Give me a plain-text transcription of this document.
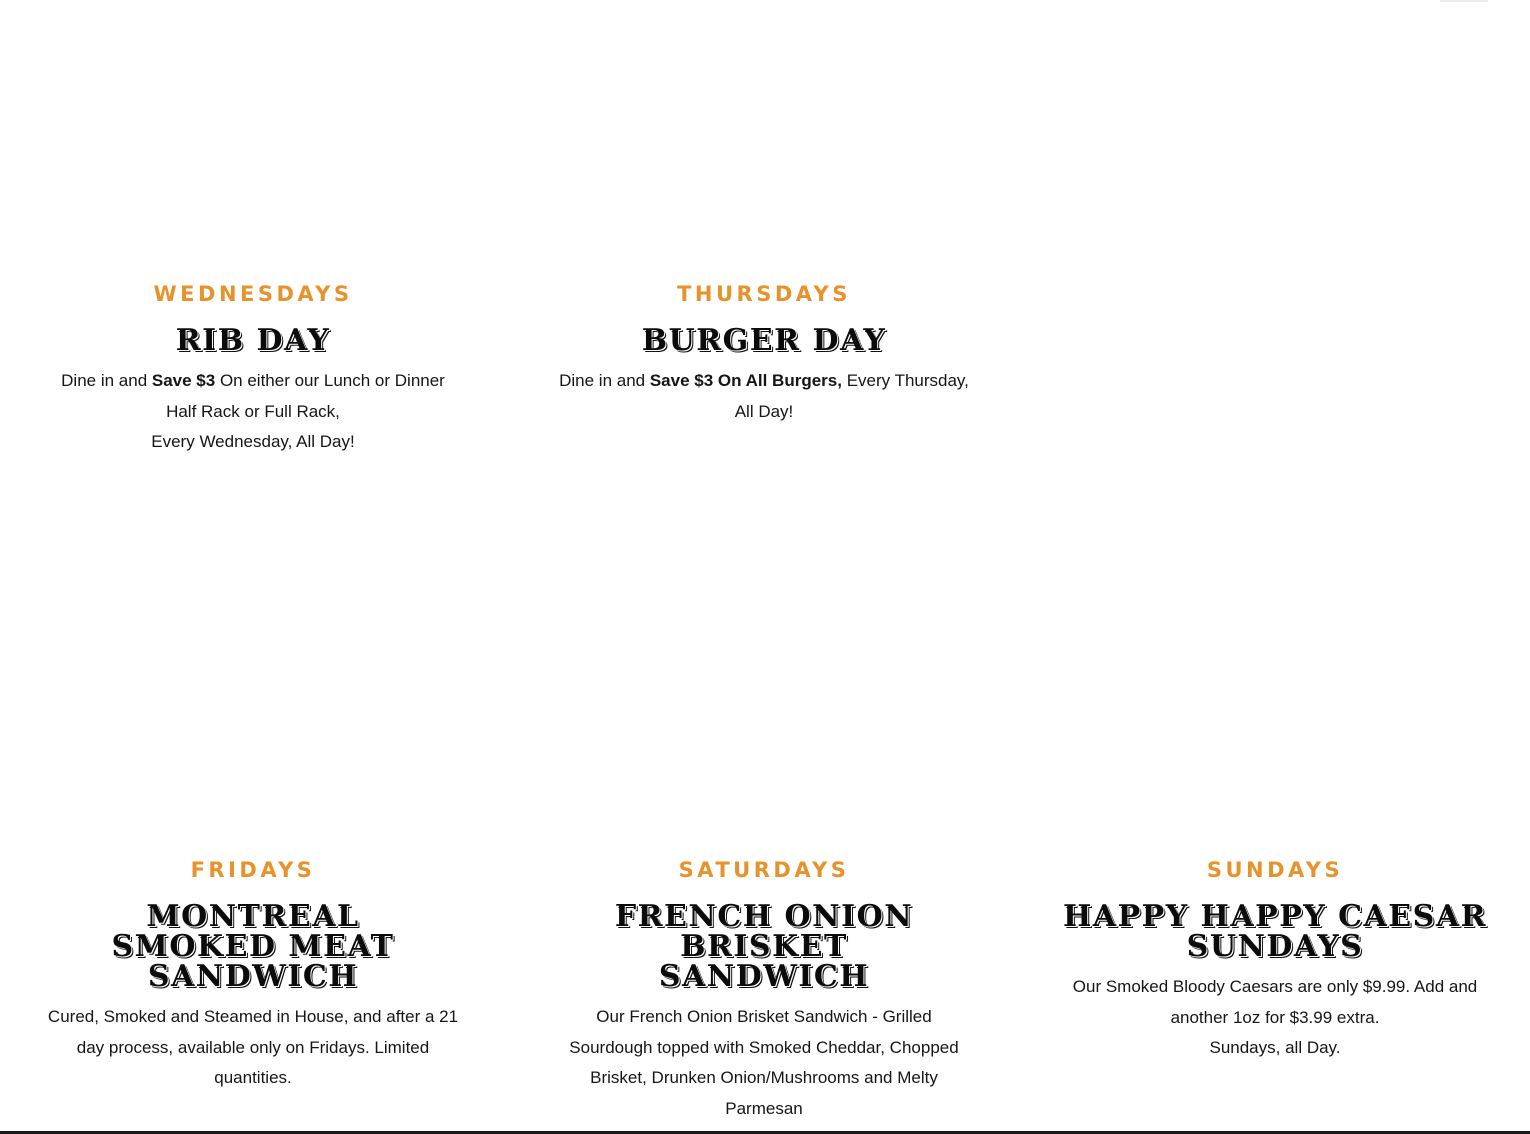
WEDNESDAYS
RIB DAY

Dine in and Save $3 On either our Lunch or Dinner
Half Rack or Full Rack,
Every Wednesday, All Day!

THURSDAYS
BURGER DAY

Dine in and Save $3 On All Burgers, Every Thursday,
All Day!

FRIDAYS
MONTREAL SMOKED MEAT SANDWICH

Cured, Smoked and Steamed in House, and after a 21
day process, available only on Fridays. Limited
quantities.

SATURDAYS
FRENCH ONION BRISKET SANDWICH

Our French Onion Brisket Sandwich - Grilled
Sourdough topped with Smoked Cheddar, Chopped
Brisket, Drunken Onion/Mushrooms and Melty
Parmesan

SUNDAYS
HAPPY HAPPY CAESAR SUNDAYS

Our Smoked Bloody Caesars are only $9.99. Add and
another 1oz for $3.99 extra.
Sundays, all Day.
